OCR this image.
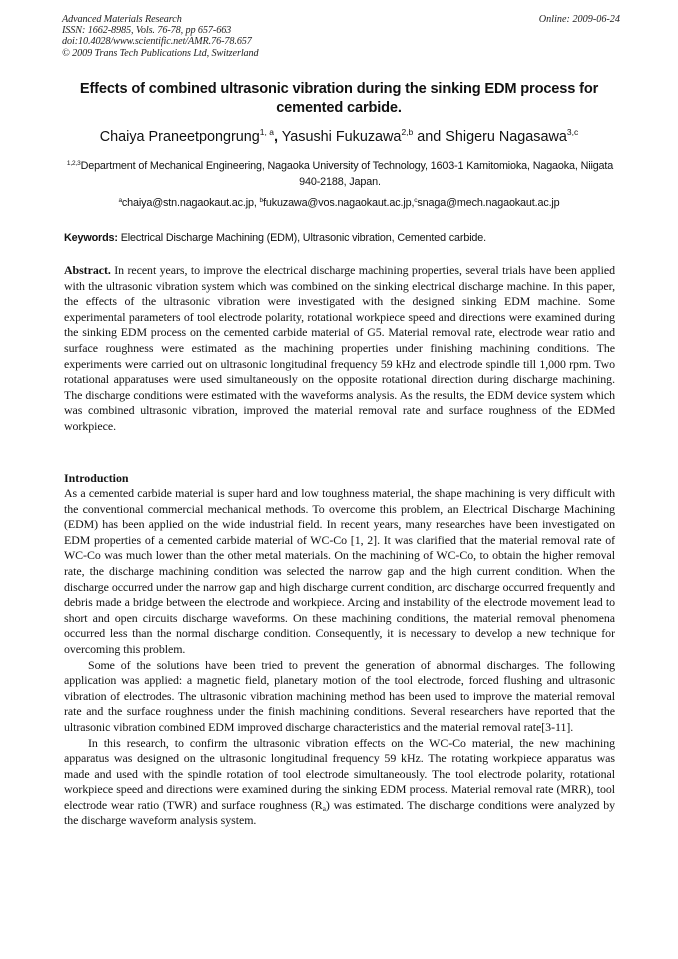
Advanced Materials Research
ISSN: 1662-8985, Vols. 76-78, pp 657-663
doi:10.4028/www.scientific.net/AMR.76-78.657
© 2009 Trans Tech Publications Ltd, Switzerland
Online: 2009-06-24
Effects of combined ultrasonic vibration during the sinking EDM process for cemented carbide.
Chaiya Praneetpongrung$^{1, a}$, Yasushi Fukuzawa$^{2,b}$ and Shigeru Nagasawa$^{3,c}$
$^{1,2,3}$Department of Mechanical Engineering, Nagaoka University of Technology, 1603-1 Kamitomioka, Nagaoka, Niigata 940-2188, Japan.
$^a$chaiya@stn.nagaokaut.ac.jp, $^b$fukuzawa@vos.nagaokaut.ac.jp,$^c$snaga@mech.nagaokaut.ac.jp
Keywords: Electrical Discharge Machining (EDM), Ultrasonic vibration, Cemented carbide.
Abstract. In recent years, to improve the electrical discharge machining properties, several trials have been applied with the ultrasonic vibration system which was combined on the sinking electrical discharge machine. In this paper, the effects of the ultrasonic vibration were investigated with the designed sinking EDM machine. Some experimental parameters of tool electrode polarity, rotational workpiece speed and directions were examined during the sinking EDM process on the cemented carbide material of G5. Material removal rate, electrode wear ratio and surface roughness were estimated as the machining properties under finishing machining conditions. The experiments were carried out on ultrasonic longitudinal frequency 59 kHz and electrode spindle till 1,000 rpm. Two rotational apparatuses were used simultaneously on the opposite rotational direction during discharge machining. The discharge conditions were estimated with the waveforms analysis. As the results, the EDM device system which was combined ultrasonic vibration, improved the material removal rate and surface roughness of the EDMed workpiece.
Introduction

As a cemented carbide material is super hard and low toughness material, the shape machining is very difficult with the conventional commercial mechanical methods. To overcome this problem, an Electrical Discharge Machining (EDM) has been applied on the wide industrial field. In recent years, many researches have been investigated on EDM properties of a cemented carbide material of WC-Co [1, 2]. It was clarified that the material removal rate of WC-Co was much lower than the other metal materials. On the machining of WC-Co, to obtain the higher removal rate, the discharge machining condition was selected the narrow gap and the high current condition. When the discharge occurred under the narrow gap and high discharge current condition, arc discharge occurred frequently and debris made a bridge between the electrode and workpiece. Arcing and instability of the electrode movement lead to short and open circuits discharge waveforms. On these machining conditions, the material removal phenomena occurred less than the normal discharge condition. Consequently, it is necessary to develop a new technique for overcoming this problem.

Some of the solutions have been tried to prevent the generation of abnormal discharges. The following application was applied: a magnetic field, planetary motion of the tool electrode, forced flushing and ultrasonic vibration of electrodes. The ultrasonic vibration machining method has been used to improve the material removal rate and the surface roughness under the finish machining conditions. Several researchers have reported that the ultrasonic vibration combined EDM improved discharge characteristics and the material removal rate[3-11].

In this research, to confirm the ultrasonic vibration effects on the WC-Co material, the new machining apparatus was designed on the ultrasonic longitudinal frequency 59 kHz. The rotating workpiece apparatus was made and used with the spindle rotation of tool electrode simultaneously. The tool electrode polarity, rotational workpiece speed and directions were examined during the sinking EDM process. Material removal rate (MRR), tool electrode wear ratio (TWR) and surface roughness $(R_a)$ was estimated. The discharge conditions were analyzed by the discharge waveform analysis system.
